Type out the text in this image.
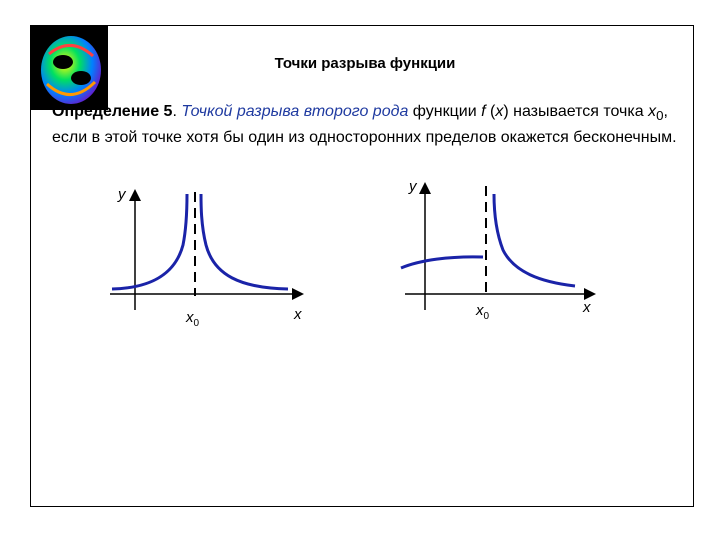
Точки разрыва функции
Определение 5. Точкой разрыва второго рода функции f (x) называется точка $x_0$, если в этой точке хотя бы один из односторонних пределов окажется бесконечным.
y
x
$x_0$
y
x
$x_0$
